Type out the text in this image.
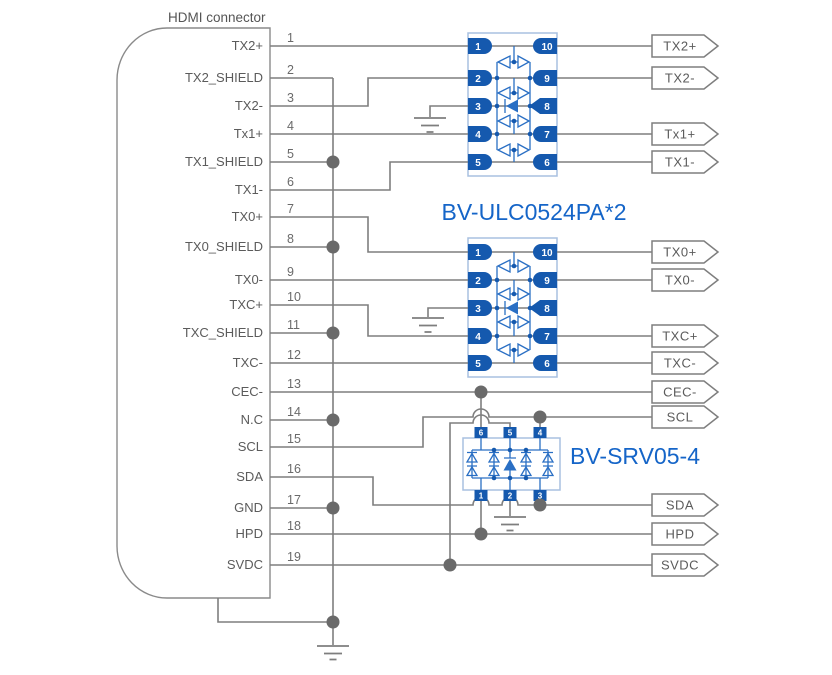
HDMI connector
TX2+
TX2_SHIELD
TX2-
Tx1+
TX1_SHIELD
TX1-
TX0+
TX0_SHIELD
TX0-
TXC+
TXC_SHIELD
TXC-
CEC-
N.C
SCL
SDA
GND
HPD
SVDC
1
2
3
4
5
6
7
8
9
10
11
12
13
14
15
16
17
18
19
1
2
3
4
5
10
9
8
7
6
1
2
3
4
5
10
9
8
7
6
6	5	4
1	2	3
TX2+
TX2-
Tx1+
TX1-
TX0+
TX0-
TXC+
TXC-
CEC-
SCL
SDA
HPD
SVDC
BV-ULC0524PA*2
BV-SRV05-4
